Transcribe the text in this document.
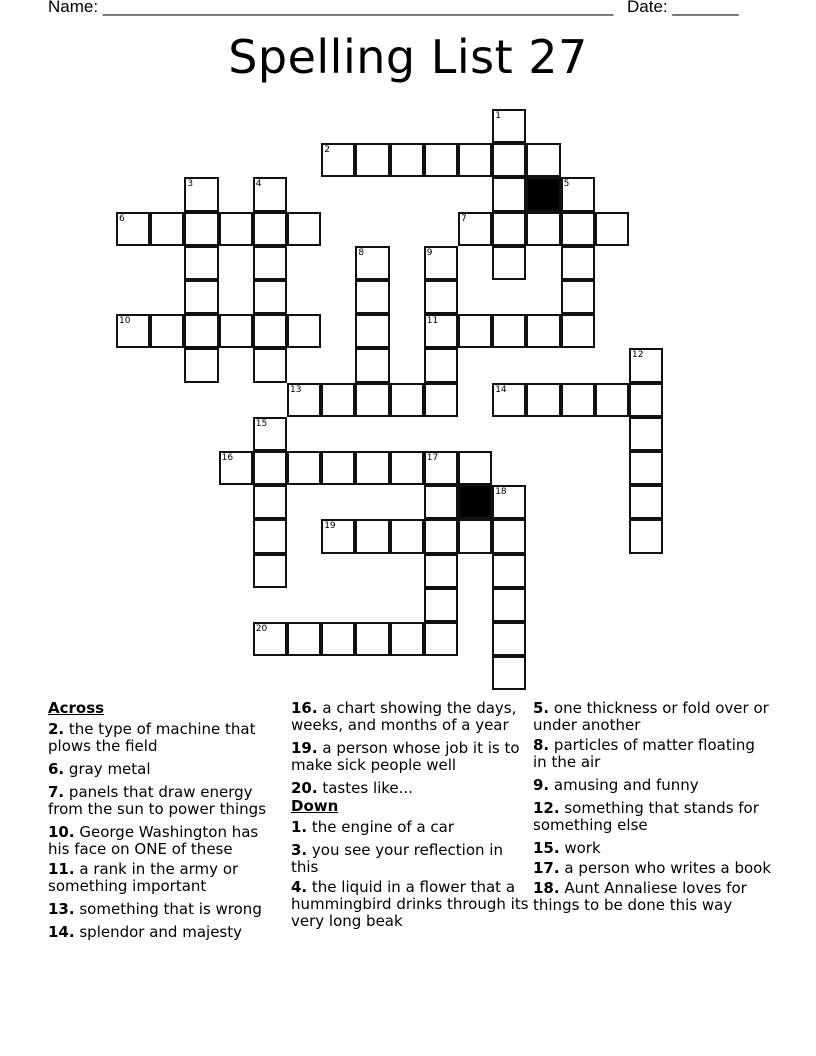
Name: ______________________________________________________ Date: _______
Spelling List 27
1
2
3	4	5
6	7
8	9
10	11
12
13	14
15
16	17
18
19
20
Across
2. the type of machine that plows the field
6. gray metal
7. panels that draw energy from the sun to power things
10. George Washington has his face on ONE of these
11. a rank in the army or something important
13. something that is wrong
14. splendor and majesty
16. a chart showing the days, weeks, and months of a year
19. a person whose job it is to make sick people well
20. tastes like...
Down
1. the engine of a car
3. you see your reflection in this
4. the liquid in a flower that a hummingbird drinks through its very long beak
5. one thickness or fold over or under another
8. particles of matter floating in the air
9. amusing and funny
12. something that stands for something else
15. work
17. a person who writes a book
18. Aunt Annaliese loves for things to be done this way
